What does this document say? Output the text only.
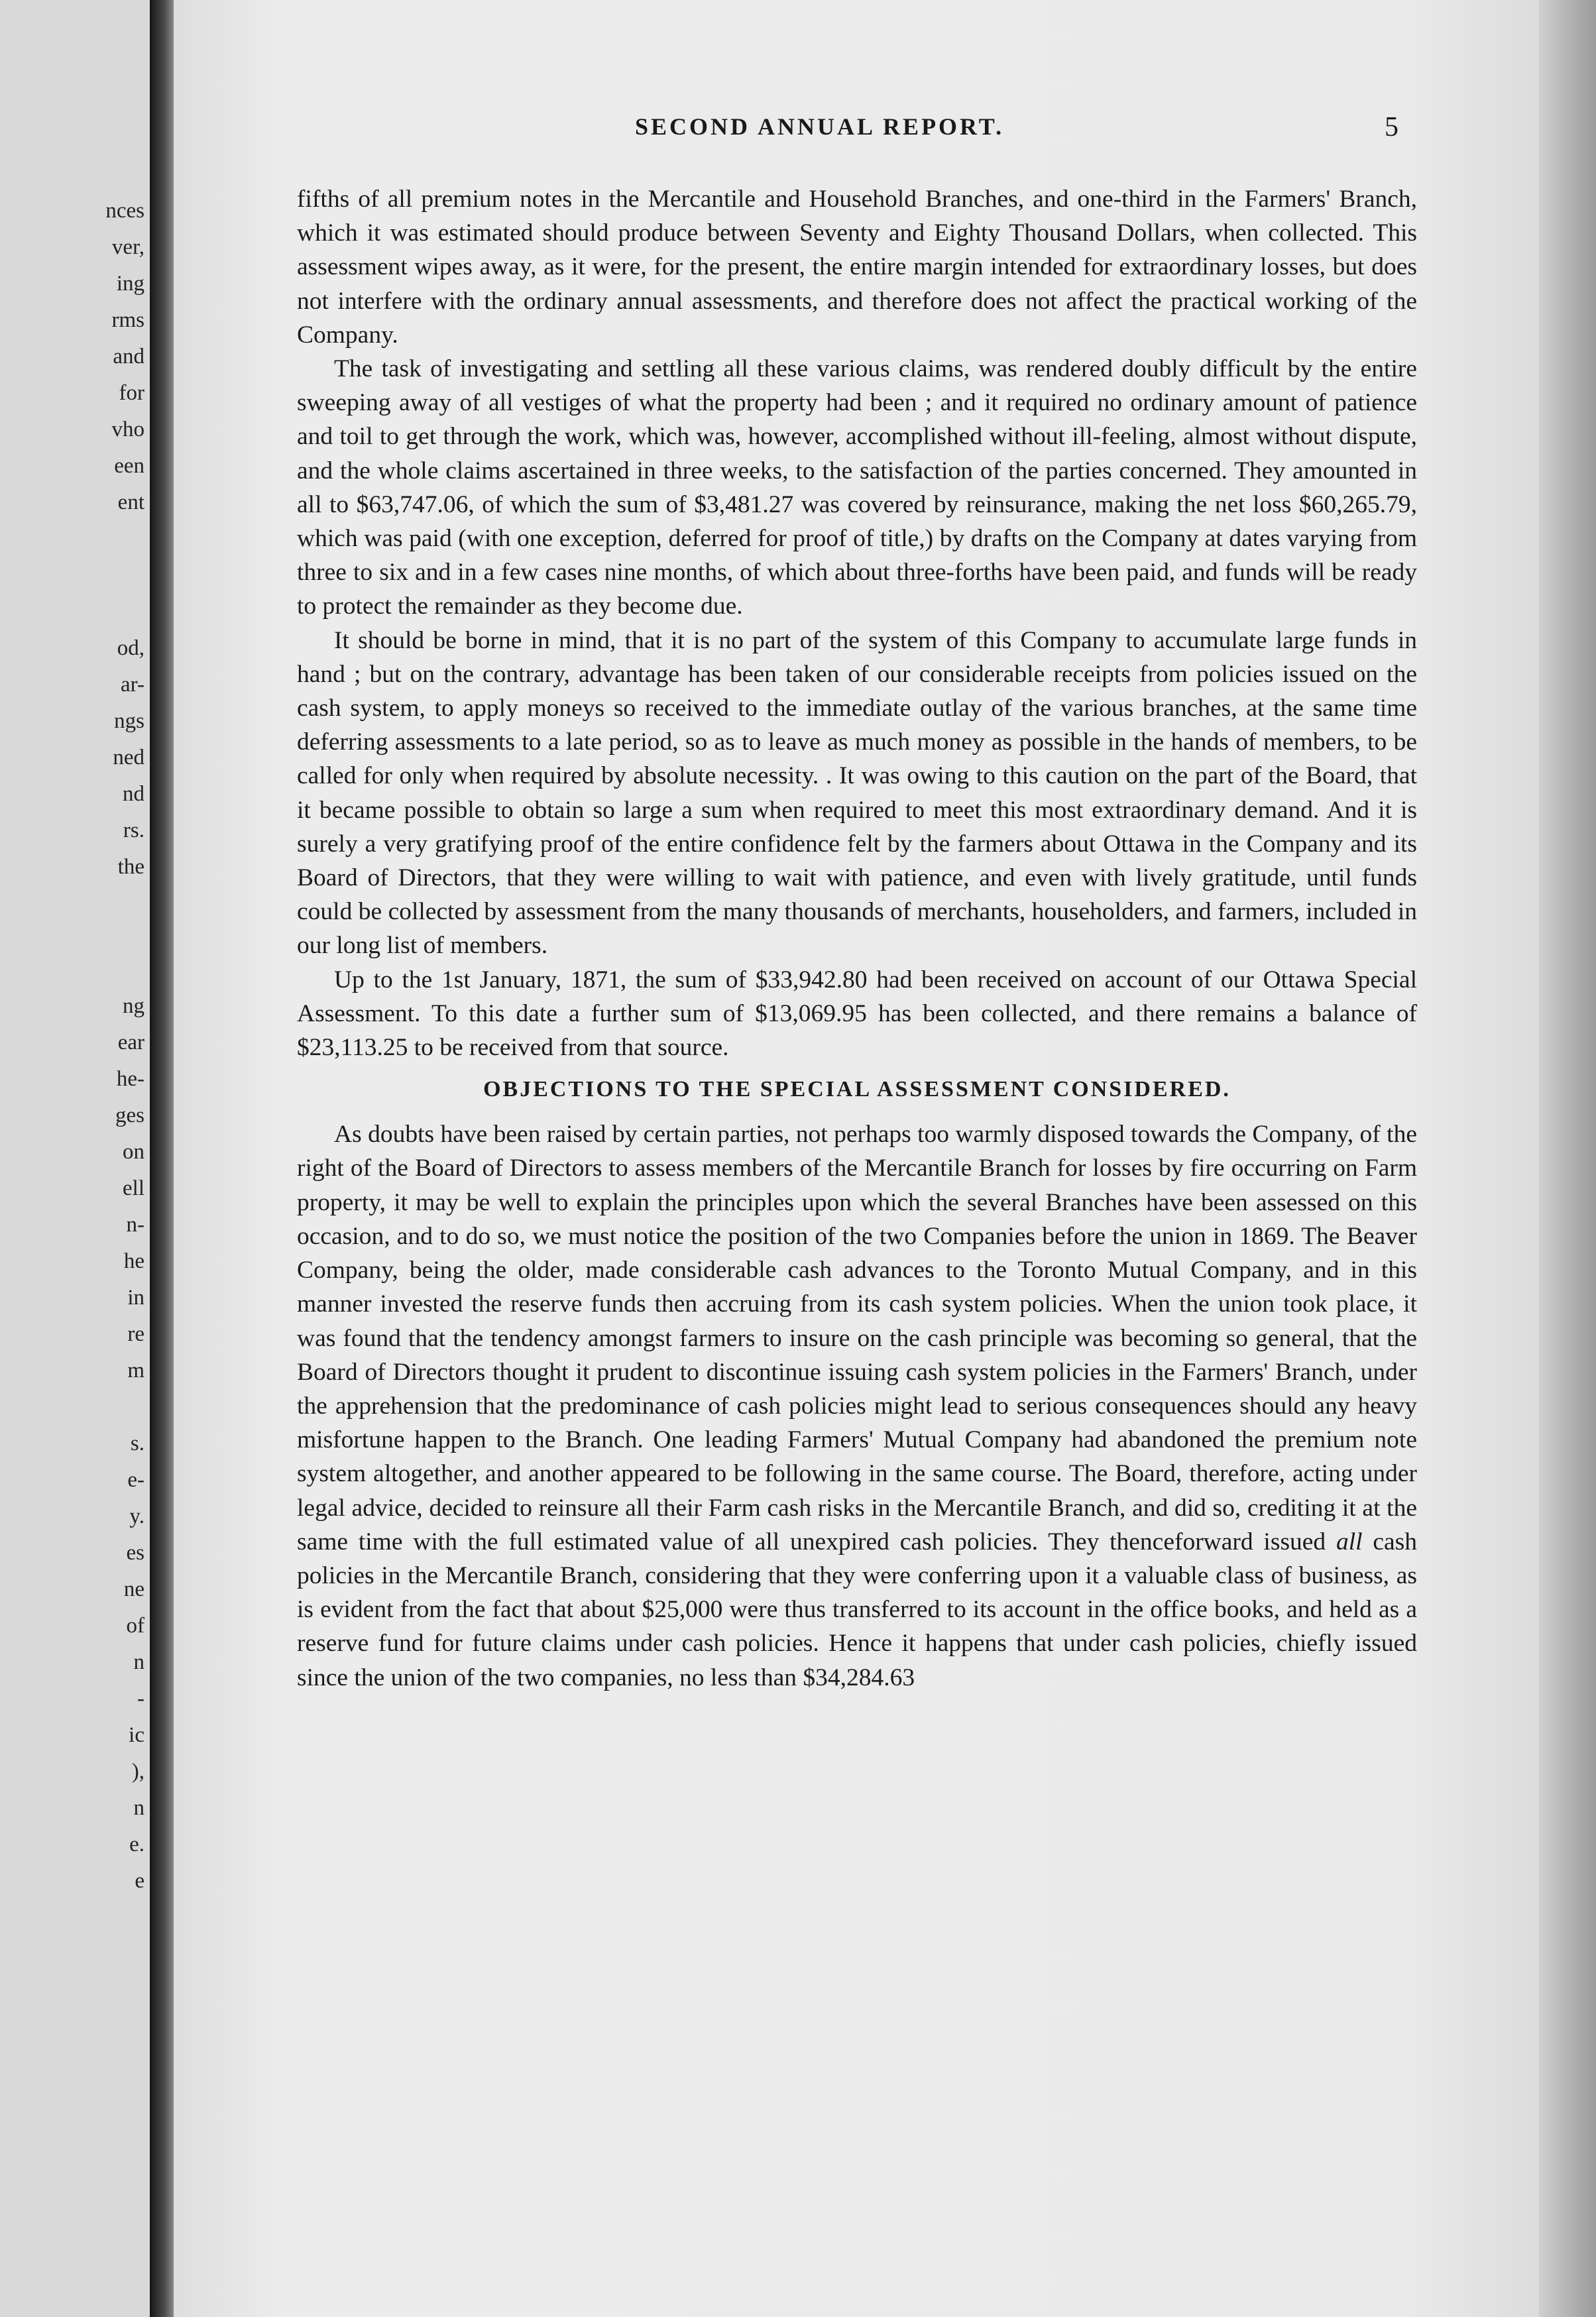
nces
ver,
ing
rms
and
for
vho
een
ent
od,
ar-
ngs
ned
nd
rs.
the
ng
ear
he-
ges
on
ell
n-
he
in
re
m
s.
e-
y.
es
ne
of
n
-
ic
),
n
e.
e
SECOND ANNUAL REPORT.	5

fifths of all premium notes in the Mercantile and Household Branches, and one-third in the Farmers' Branch, which it was estimated should produce between Seventy and Eighty Thousand Dollars, when collected. This assessment wipes away, as it were, for the present, the entire margin intended for extraordinary losses, but does not interfere with the ordinary annual assessments, and therefore does not affect the practical working of the Company.

The task of investigating and settling all these various claims, was rendered doubly difficult by the entire sweeping away of all vestiges of what the property had been ; and it required no ordinary amount of patience and toil to get through the work, which was, however, accomplished without ill-feeling, almost without dispute, and the whole claims ascertained in three weeks, to the satisfaction of the parties concerned. They amounted in all to $63,747.06, of which the sum of $3,481.27 was covered by reinsurance, making the net loss $60,265.79, which was paid (with one exception, deferred for proof of title,) by drafts on the Company at dates varying from three to six and in a few cases nine months, of which about three-forths have been paid, and funds will be ready to protect the remainder as they become due.

It should be borne in mind, that it is no part of the system of this Company to accumulate large funds in hand ; but on the contrary, advantage has been taken of our considerable receipts from policies issued on the cash system, to apply moneys so received to the immediate outlay of the various branches, at the same time deferring assessments to a late period, so as to leave as much money as possible in the hands of members, to be called for only when required by absolute necessity. . It was owing to this caution on the part of the Board, that it became possible to obtain so large a sum when required to meet this most extraordinary demand. And it is surely a very gratifying proof of the entire confidence felt by the farmers about Ottawa in the Company and its Board of Directors, that they were willing to wait with patience, and even with lively gratitude, until funds could be collected by assessment from the many thousands of merchants, householders, and farmers, included in our long list of members.

Up to the 1st January, 1871, the sum of $33,942.80 had been received on account of our Ottawa Special Assessment. To this date a further sum of $13,069.95 has been collected, and there remains a balance of $23,113.25 to be received from that source.

OBJECTIONS TO THE SPECIAL ASSESSMENT CONSIDERED.

As doubts have been raised by certain parties, not perhaps too warmly disposed towards the Company, of the right of the Board of Directors to assess members of the Mercantile Branch for losses by fire occurring on Farm property, it may be well to explain the principles upon which the several Branches have been assessed on this occasion, and to do so, we must notice the position of the two Companies before the union in 1869. The Beaver Company, being the older, made considerable cash advances to the Toronto Mutual Company, and in this manner invested the reserve funds then accruing from its cash system policies. When the union took place, it was found that the tendency amongst farmers to insure on the cash principle was becoming so general, that the Board of Directors thought it prudent to discontinue issuing cash system policies in the Farmers' Branch, under the apprehension that the predominance of cash policies might lead to serious consequences should any heavy misfortune happen to the Branch. One leading Farmers' Mutual Company had abandoned the premium note system altogether, and another appeared to be following in the same course. The Board, therefore, acting under legal advice, decided to reinsure all their Farm cash risks in the Mercantile Branch, and did so, crediting it at the same time with the full estimated value of all unexpired cash policies. They thenceforward issued all cash policies in the Mercantile Branch, considering that they were conferring upon it a valuable class of business, as is evident from the fact that about $25,000 were thus transferred to its account in the office books, and held as a reserve fund for future claims under cash policies. Hence it happens that under cash policies, chiefly issued since the union of the two companies, no less than $34,284.63
